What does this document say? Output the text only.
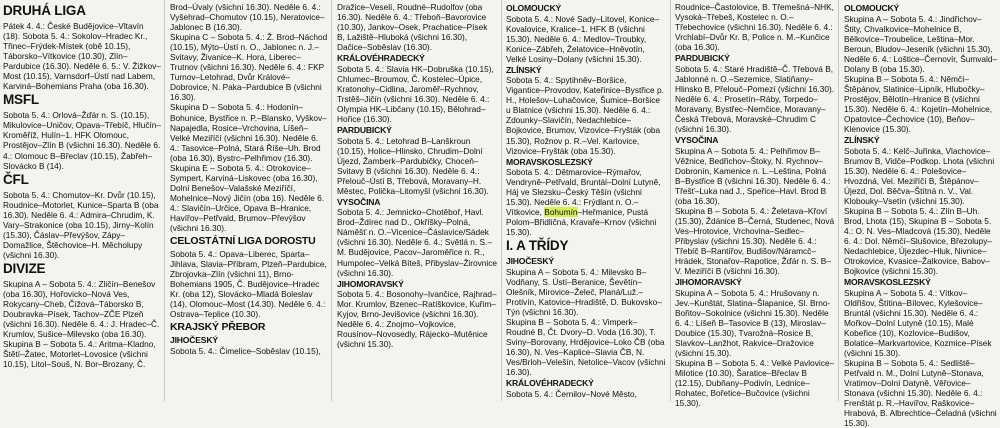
DRUHÁ LIGA

Pátek 4. 4.: České Budějovice–Vltavín (18). Sobota 5. 4.: Sokolov–Hradec Kr., Třinec–Frýdek-Místek (obě 10.15), Táborsko–Vítkovice (10.30), Zlín–Pardubice (16.30). Neděle 6. 5.: V. Žižkov–Most (10.15), Varnsdorf–Ústí nad Labem, Karviná–Bohemians Praha (oba 16.30).

MSFL

Sobota 5. 4.: Orlová–Žďár n. S. (10.15), Mikulovice–Uničov, Opava–Třebíč, Hlučín–Kroměříž, Hulín–1. HFK Olomouc, Prostějov–Zlín B (všichni 16.30). Neděle 6. 4.: Olomouc B–Břeclav (10.15), Žabřeh–Slovácko B (14).

ČFL

Sobota 5. 4.: Chomutov–Kr. Dvůr (10.15), Roudnice–Motorlet, Kunice–Sparta B (oba 16.30). Neděle 6. 4.: Admira–Chrudim, K. Vary–Strakonice (oba 10.15), Jirny–Kolín (15.30), Čáslav–Převýšov, Zápy–Domažlice, Štěchovice–H. Měcholupy (všichni 16.30).

DIVIZE

Skupina A – Sobota 5. 4.: Zličín–Benešov (oba 16.30), Hořovicko–Nová Ves, Rokycany–Cheb, Čížová–Táborsko B, Doubravka–Písek, Tachov–ZČE Plzeň (všichni 16.30). Neděle 6. 4.: J. Hradec–Č. Krumlov, Sušice–Milevsko (oba 16.30).

Skupina B – Sobota 5. 4.: Aritma–Kladno, Štětí–Žatec, Motorlet–Lovosice (všichni 10.15), Litol–Souš, N. Bor–Brozany, Č.

Brod–Úvaly (všichni 16.30). Neděle 6. 4.: Vyšehrad–Chomutov (10.15), Neratovice–Jablonec B (16.30).

Skupina C – Sobota 5. 4.: Ž. Brod–Náchod (10.15), Mýto–Ústí n. O., Jablonec n. J.–Svitavy, Živanice–K. Hora, Liberec–Trutnov (všichni 16.30). Neděle 6. 4.: FKP Turnov–Letohrad, Dvůr Králové–Dobrovice, N. Paka–Pardubice B (všichni 16.30).

Skupina D – Sobota 5. 4.: Hodonín–Bohunice, Bystřice n. P.–Blansko, Vyškov–Napajedla, Rosice–Vrchovina, Líšeň–Velké Meziříčí (všichni 16.30). Neděle 6. 4.: Tasovice–Polná, Stará Říše–Uh. Brod (oba 16.30), Bystrc–Pelhřimov (16.30).

Skupina E – Sobota 5. 4.: Otrokovice–Sympert, Karviná–Liskovec (oba 16.30), Dolní Benešov–Valašské Meziříčí, Mohelnice–Nový Jičín (oba 16). Neděle 6. 4.: Slavičín–Určice, Opava B–Hranice, Havířov–Petřvald, Brumov–Převýšov (všichni 16.30).

CELOSTÁTNÍ LIGA DOROSTU

Sobota 5. 4.: Opava–Liberec, Sparta–Jihlava, Slavia–Příbram, Plzeň–Pardubice, Zbrojovka–Zlín (všichni 11), Brno-Bohemians 1905, Č. Budějovice–Hradec Kr. (oba 12), Slovácko–Mladá Boleslav (14), Olomouc–Most (14.30). Neděle 6. 4.: Ostrava–Teplice (10.30).

KRAJSKÝ PŘEBOR
JIHOČESKÝ

Sobota 5. 4.: Čimelice–Soběslav (10.15),

Dražice–Veselí, Roudné–Rudolfov (oba 16.30). Neděle 6. 4.: Třeboň–Bavorovice (10.30), Jankov–Osek, Prachatice–Písek B, Lažiště–Hluboká (všichni 16.30), Dačice–Soběslav (16.30).

KRÁLOVÉHRADECKÝ

Sobota 5. 4.: Slavia HK–Dobruška (10.15), Chlumec–Broumov, Č. Kostelec–Úpice, Kratonohy–Cidlina, Jaroměř–Rychnov, Trstěš–Jičín (všichni 16.30). Neděle 6. 4.: Olympia HK–Libčany (10.15), Bělohrad–Hořice (16.30).

PARDUBICKÝ

Sobota 5. 4.: Letohrad B–Lanškroun (10.15), Holice–Hlinsko, Chrudim–Dolní Újezd, Žamberk–Pardubičky, Choceň–Svitavy B (všichni 16.30). Neděle 6. 4.: Přelouč–Ústí B, Třebová, Moravany–H. Městec, Polička–Litomyšl (všichni 16.30).

VYSOČINA

Sobota 5. 4.: Jemnicko–Chotěboř, Havl. Brod–Ždírec nad D., Okříšky–Polná, Náměšť n. O.–Vicenice–Čáslavice/Sádek (všichni 16.30). Neděle 6. 4.: Světlá n. S.–M. Budějovice, Pacov–Jaroměřice n. R., Humpolec–Velká Bíteš, Přibyslav–Žirovnice (všichni 16.30).

JIHOMORAVSKÝ

Sobota 5. 4.: Bosonohy–Ivančice, Rajhrad–Mor. Krumlov, Bzenec–Ratíškovice, Kuřim–Kyjov, Brno-Jevišovice (všichni 16.30). Neděle 6. 4.: Znojmo–Vojkovice, Rousínov–Novosedly, Rájecko–Mutěnice (všichni 15.30).

OLOMOUCKÝ

Sobota 5. 4.: Nové Sady–Litovel, Konice–Kovalovice, Kralice–1. HFK B (všichni 15.30). Neděle 6. 4.: Medlov–Troubky, Konice–Zábřeh, Želatovice–Hněvotín, Velké Losiny–Dolany (všichni 15.30).

ZLÍNSKÝ

Sobota 5. 4.: Spytihněv–Boršice, Vigantice–Provodov, Kateřinice–Bystřice p. H., Holešov–Luhačovice, Šumice–Boršice u Blatnice (všichni 15.30). Neděle 6. 4.: Zdounky–Slavičín, Nedachlebice–Bojkovice, Brumov, Vizovice–Fryšták (oba 15.30), Rožnov p. R.–Vel. Karlovice, Vizovice–Fryšták (oba 15.30).

MORAVSKOSLEZSKÝ

Sobota 5. 4.: Dětmarovice–Rýmařov, Vendryně–Petřvald, Bruntál–Dolní Lutyně, Háj ve Slezsku–Český Těšín (všichni 15.30). Neděle 6. 4.: Frýdlant n. O.–Vítkovice, Bohumín–Heřmanice, Pustá Polom–Břidličná, Kravaře–Krnov (všichni 15.30).

I. A TŘÍDY
JIHOČESKÝ

Skupina A – Sobota 5. 4.: Milevsko B–Vodňany, S. Ústí–Beranice, Ševětín–Olešník, Mirovice–Želeč, Planá/Luž.–Protivín, Katovice–Hradiště, D. Bukovsko–Týn (všichni 16.30).

Skupina B – Sobota 5. 4.: Vimperk–Roudné B, Čt. Dvory–D. Voda (16.30), T. Sviny–Borovany, Hrdějovice–Loko ČB (oba 16.30), N. Ves–Kaplice–Slavia ČB, N. Ves/Brloh–Velešín, Netolice–Vacov (všichni 16.30).

KRÁLOVÉHRADECKÝ

Sobota 5. 4.: Černilov–Nové Město,

Roudnice–Častolovice, B. Třemešná–NHK, Vysoká–Třebeš, Kostelec n. O.–Třebechovice (všichni 16.30). Neděle 6. 4.: Vrchlabí–Dvůr Kr. B, Police n. M.–Kunčice (oba 16.30).

PARDUBICKÝ

Sobota 5. 4.: Staré Hradiště–Č. Třebová B, Jablonné n. O.–Sezemice, Slatiňany–Hlinsko B, Přelouč–Pomezí (všichni 16.30). Neděle 6. 4.: Prosetín–Ráby, Torpedo–Moravany, Bystřec–Nemčice, Moravany–Česká Třebová, Moravské–Chrudim C (všichni 16.30).

VYSOČINA

Skupina A – Sobota 5. 4.: Pelhřimov B–Věžnice, Bedřichov–Štoky, N. Rychnov–Dobronín, Kamenice n. L.–Leština, Polná B–Bystřice B (všichni 16.30). Neděle 6. 4.: Třešť–Luka nad J., Speřice–Havl. Brod B (oba 16.30).

Skupina B – Sobota 5. 4.: Želetava–Křoví (15.30), Ždánice B–Černá, Studenec, Nová Ves–Hrotovice, Vrchovina–Sedlec–Přibyslav (všichni 15.30). Neděle 6. 4.: Třebíč B–Rantířov, Budišov/Náramcč–Hrádek, Stonařov–Rapotice, Žďár n. S. B–V. Meziříčí B (všichni 16.30).

JIHOMORAVSKÝ

Skupina A – Sobota 5. 4.: Hrušovany n. Jev.–Kunštát, Slatina–Šlapanice, Sl. Brno-Bořitov–Sokolnice (všichni 15.30). Neděle 6. 4.: Líšeň B–Tasovice B (13), Miroslav–Doubice (15.30), Tvarožná–Rosice B, Slavkov–Lanžhot, Rakvice–Dražovice (všichni 15.30).

Skupina B – Sobota 5. 4.: Velké Pavlovice–Milotice (10.30), Šaratice–Břeclav B (12.15), Dubňany–Podivín, Lednice–Rohatec, Bořetice–Bučovice (všichni 15.30).

OLOMOUCKÝ

Skupina A – Sobota 5. 4.: Jindřichov–Štity, Chvalkovice–Mohelnice B, Bělkovice–Troubelice, Leština–Mor. Beroun, Bludov–Jeseník (všichni 15.30). Neděle 6. 4.: Loštice–Černovír, Šumvald–Dolany B (oba 15.30).

Skupina B – Sobota 5. 4.: Němčí–Štěpánov, Slatinice–Lipník, Hlubočky–Prostějov, Bělotín–Hranice B (všichni 15.30). Neděle 6. 4.: Kojetín–Mohelnice, Opatovice–Čechovice (10), Beňov–Klenovice (15.30).

ZLÍNSKÝ

Sobota 5. 4.: Kelč–Juřinka, Vlachovice–Brumov B, Vidče–Podkop. Lhota (všichni 15.30). Neděle 6. 4.: Polešovice–Hvozdná, Vel. Meziříčí B, Štěpánov–Újezd, Dol. Běčva–Štítná n. V., Val. Klobouky–Vsetín (všichni 15.30).

Skupina B – Sobota 5. 4.: Zlín B–Uh. Brod, Lhota (15), Skupina B – Sobota 5. 4.: O. N. Ves–Mladcová (15.30), Neděle 6. 4.: Dol. Němčí–Slušovice, Březolupy–Nedachlebice, Újezdec–Hluk, Nivnice–Otrokovice, Kvasice–Žalkovice, Babov–Bojkovice (všichni 15.30).

MORAVSKOSLEZSKÝ

Skupina A – Sobota 5. 4.: Vítkov–Oldřišov, Štítina–Bílovec, Kylešovice–Bruntál (všichni 15.30). Neděle 6. 4.: Mořkov–Dolní Lutyně (10.15), Malé Kobeřice (10), Kozlovice–Budišov, Bolatice–Markvartovice, Kozmice–Písek (všichni 15.30).

Skupina B – Sobota 5. 4.: Sedliště–Petřvald n. M., Dolní Lutyně–Stonava, Vratimov–Dolní Datyně, Věřovice–Stonava (všichni 15.30). Neděle 6. 4.: Frenštát p. R.–Havířov, Raškovice–Hrabová, B. Albrechtice–Čeladná (všichni 15.30).
